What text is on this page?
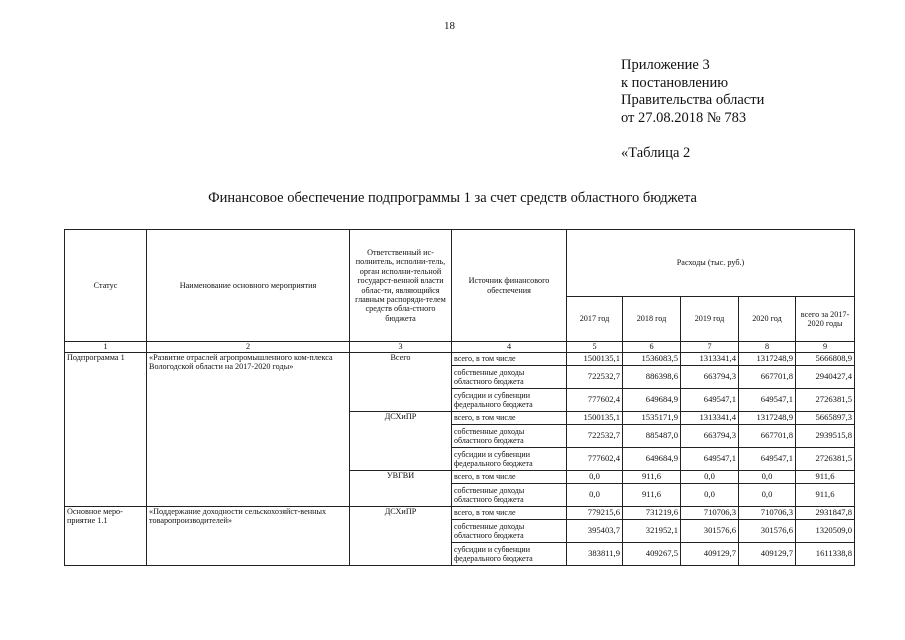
18
Приложение 3
к постановлению
Правительства области
от 27.08.2018 № 783
«Таблица 2
Финансовое обеспечение подпрограммы 1 за счет средств областного бюджета
Статус	Наименование основного мероприятия	Ответственный ис-полнитель, исполни-тель, орган исполни-тельной государст-венной власти облас-ти, являющийся главным распоряди-телем средств обла-стного бюджета	Источник финансового обеспечения	Расходы (тыс. руб.)				
				2017 год	2018 год	2019 год	2020 год	всего за 2017-2020 годы
1	2	3	4	5	6	7	8	9
Подпрограмма 1	«Развитие отраслей агропромышленного ком-плекса Вологодской области на 2017-2020 годы»	Всего	всего, в том числе	1500135,1	1536083,5	1313341,4	1317248,9	5666808,9
			собственные доходы областного бюджета	722532,7	886398,6	663794,3	667701,8	2940427,4
			субсидии и субвенции федерального бюджета	777602,4	649684,9	649547,1	649547,1	2726381,5
		ДСХиПР	всего, в том числе	1500135,1	1535171,9	1313341,4	1317248,9	5665897,3
			собственные доходы областного бюджета	722532,7	885487,0	663794,3	667701,8	2939515,8
			субсидии и субвенции федерального бюджета	777602,4	649684,9	649547,1	649547,1	2726381,5
		УВГВИ	всего, в том числе	0,0	911,6	0,0	0,0	911,6
			собственные доходы областного бюджета	0,0	911,6	0,0	0,0	911,6
Основное меро-приятие 1.1	«Поддержание доходности сельскохозяйст-венных товаропроизводителей»	ДСХиПР	всего, в том числе	779215,6	731219,6	710706,3	710706,3	2931847,8
			собственные доходы областного бюджета	395403,7	321952,1	301576,6	301576,6	1320509,0
			субсидии и субвенции федерального бюджета	383811,9	409267,5	409129,7	409129,7	1611338,8
